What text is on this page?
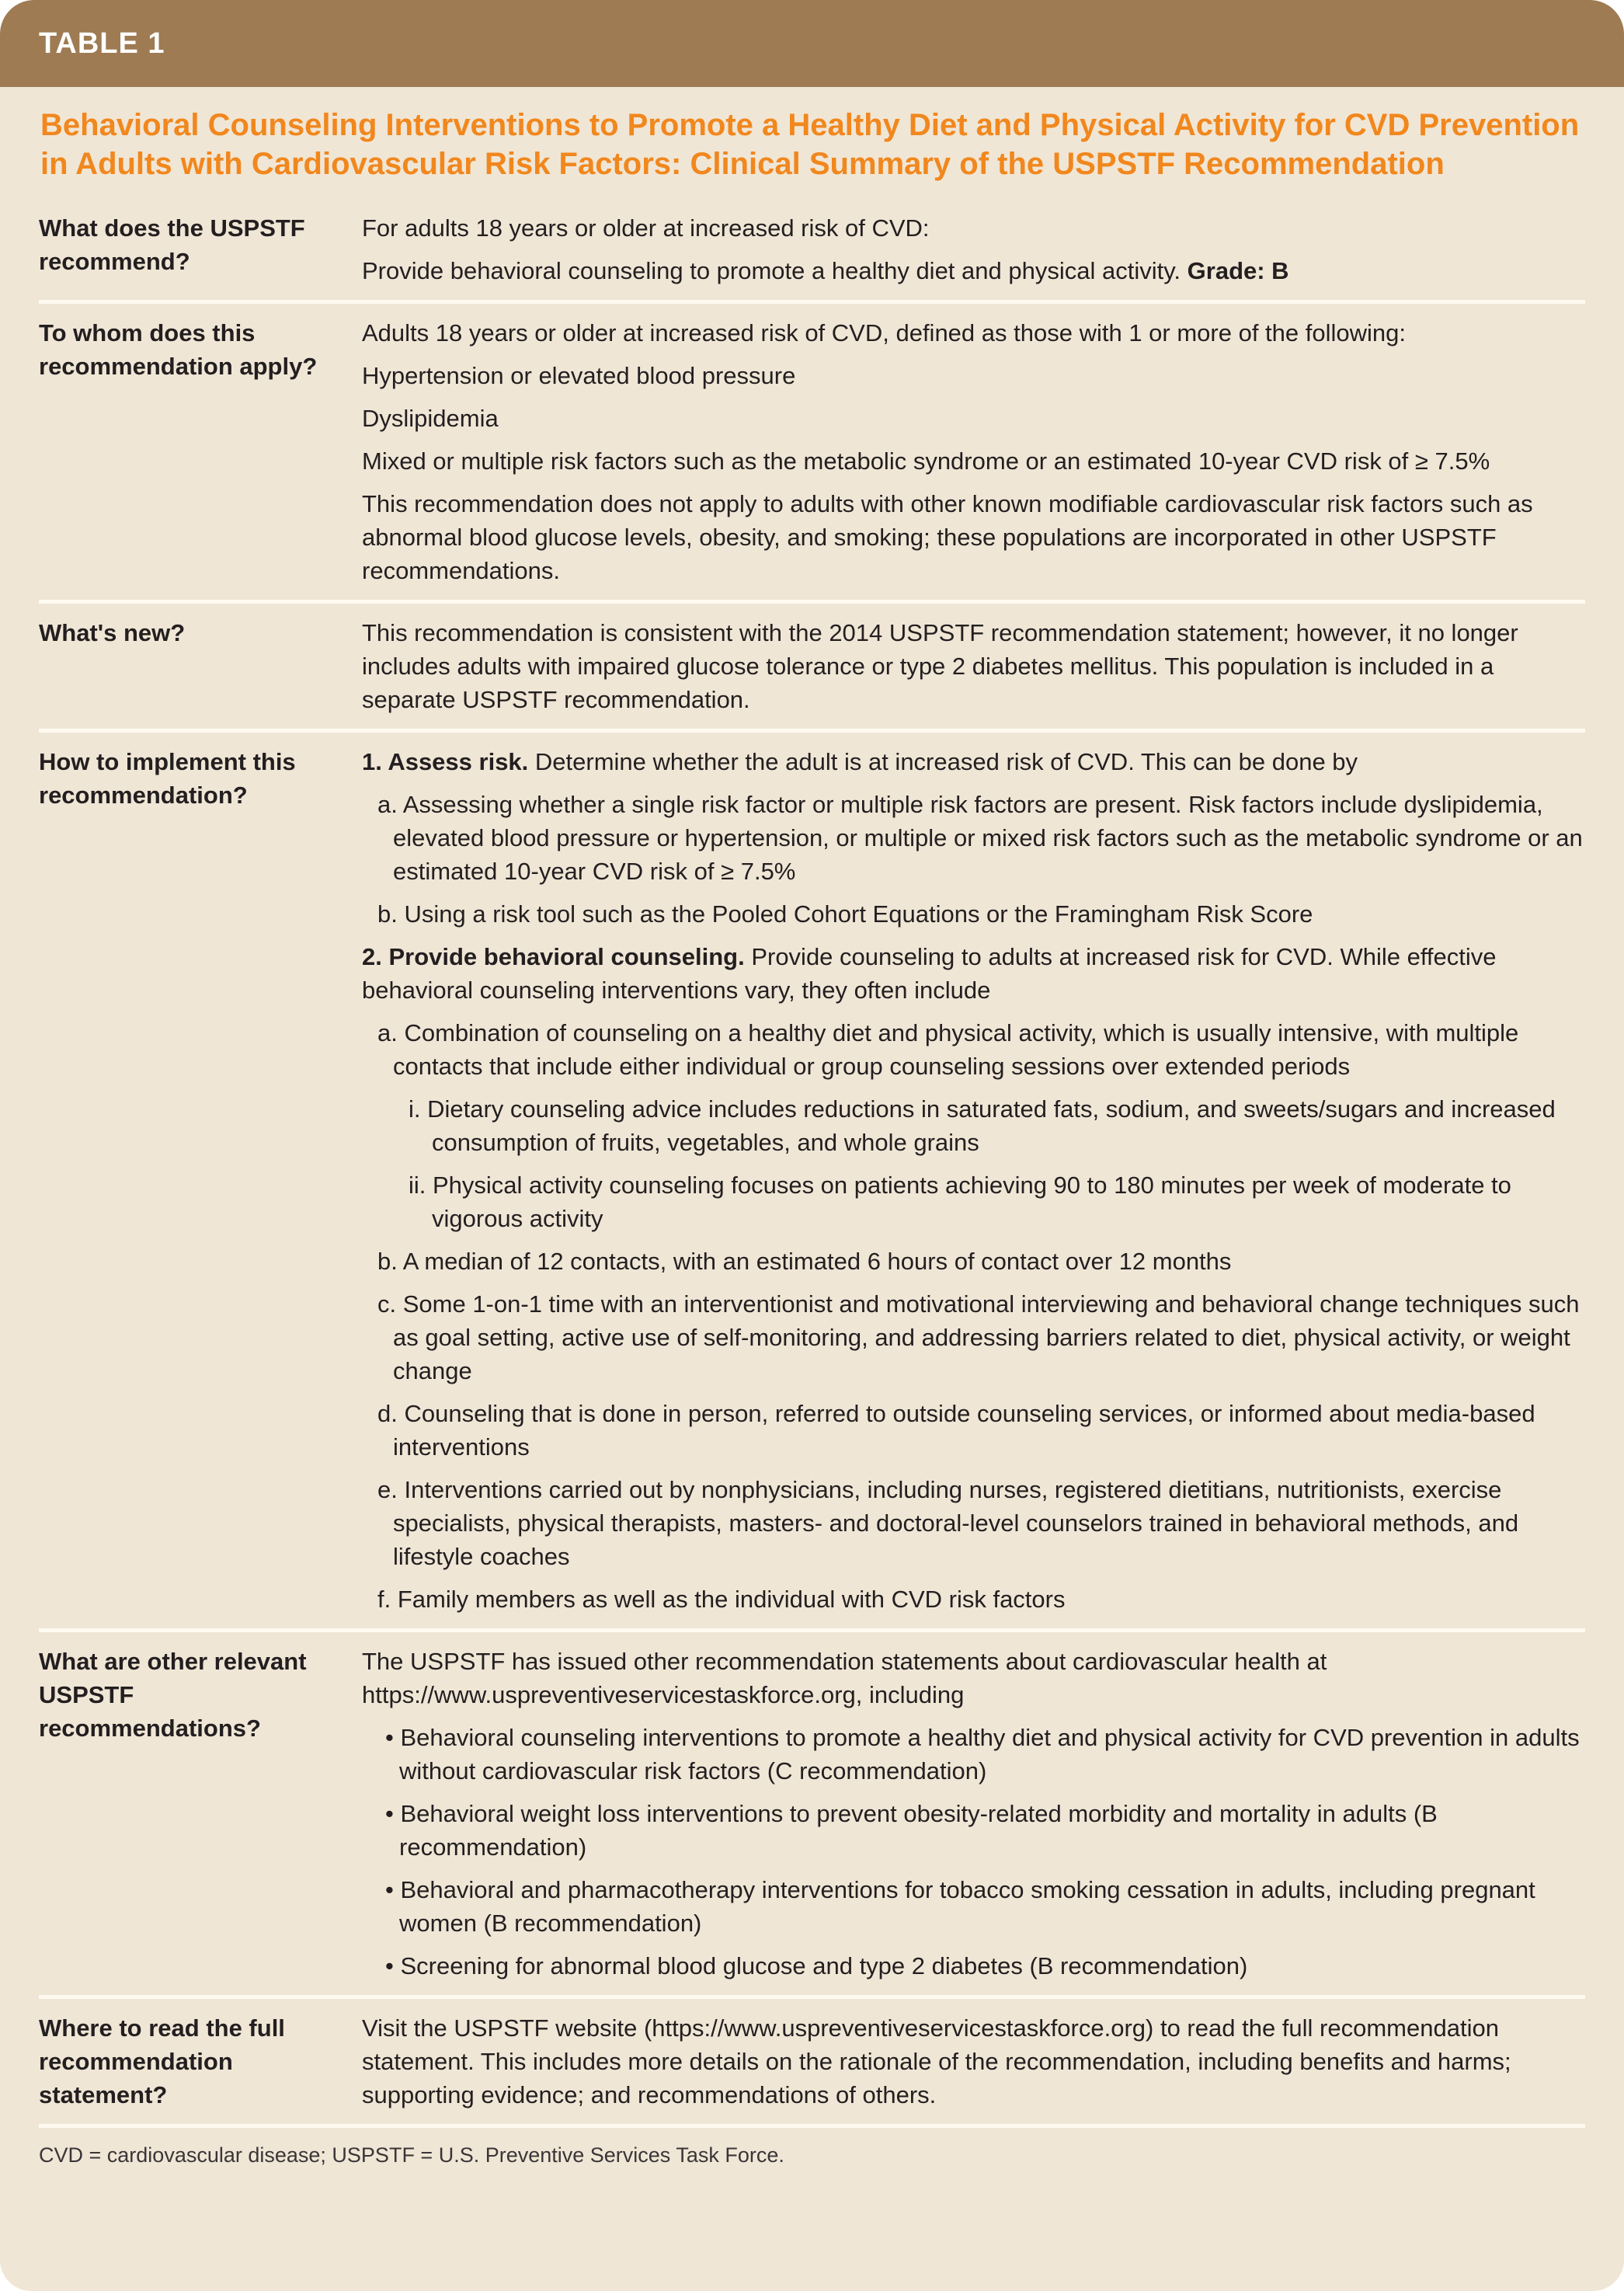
TABLE 1
Behavioral Counseling Interventions to Promote a Healthy Diet and Physical Activity for CVD Prevention in Adults with Cardiovascular Risk Factors: Clinical Summary of the USPSTF Recommendation
What does the USPSTF recommend?

For adults 18 years or older at increased risk of CVD:

Provide behavioral counseling to promote a healthy diet and physical activity. Grade: B

To whom does this recommendation apply?

Adults 18 years or older at increased risk of CVD, defined as those with 1 or more of the following:

Hypertension or elevated blood pressure

Dyslipidemia

Mixed or multiple risk factors such as the metabolic syndrome or an estimated 10-year CVD risk of ≥ 7.5%

This recommendation does not apply to adults with other known modifiable cardiovascular risk factors such as abnormal blood glucose levels, obesity, and smoking; these populations are incorporated in other USPSTF recommendations.

What's new?	This recommendation is consistent with the 2014 USPSTF recommendation statement; however, it no longer includes adults with impaired glucose tolerance or type 2 diabetes mellitus. This population is included in a separate USPSTF recommendation.

How to implement this recommendation?

1. Assess risk. Determine whether the adult is at increased risk of CVD. This can be done by

a. Assessing whether a single risk factor or multiple risk factors are present. Risk factors include dyslipidemia, elevated blood pressure or hypertension, or multiple or mixed risk factors such as the metabolic syndrome or an estimated 10-year CVD risk of ≥ 7.5%

b. Using a risk tool such as the Pooled Cohort Equations or the Framingham Risk Score

2. Provide behavioral counseling. Provide counseling to adults at increased risk for CVD. While effective behavioral counseling interventions vary, they often include

a. Combination of counseling on a healthy diet and physical activity, which is usually intensive, with multiple contacts that include either individual or group counseling sessions over extended periods

i. Dietary counseling advice includes reductions in saturated fats, sodium, and sweets/sugars and increased consumption of fruits, vegetables, and whole grains

ii. Physical activity counseling focuses on patients achieving 90 to 180 minutes per week of moderate to vigorous activity

b. A median of 12 contacts, with an estimated 6 hours of contact over 12 months

c. Some 1-on-1 time with an interventionist and motivational interviewing and behavioral change techniques such as goal setting, active use of self-monitoring, and addressing barriers related to diet, physical activity, or weight change

d. Counseling that is done in person, referred to outside counseling services, or informed about media-based interventions

e. Interventions carried out by nonphysicians, including nurses, registered dietitians, nutritionists, exercise specialists, physical therapists, masters- and doctoral-level counselors trained in behavioral methods, and lifestyle coaches

f. Family members as well as the individual with CVD risk factors

What are other relevant USPSTF recommendations?

The USPSTF has issued other recommendation statements about cardiovascular health at https://www.uspreventiveservicestaskforce.org, including

• Behavioral counseling interventions to promote a healthy diet and physical activity for CVD prevention in adults without cardiovascular risk factors (C recommendation)

• Behavioral weight loss interventions to prevent obesity-related morbidity and mortality in adults (B recommendation)

• Behavioral and pharmacotherapy interventions for tobacco smoking cessation in adults, including pregnant women (B recommendation)

• Screening for abnormal blood glucose and type 2 diabetes (B recommendation)

Where to read the full recommendation statement?

Visit the USPSTF website (https://www.uspreventiveservicestaskforce.org) to read the full recommendation statement. This includes more details on the rationale of the recommendation, including benefits and harms; supporting evidence; and recommendations of others.

CVD = cardiovascular disease; USPSTF = U.S. Preventive Services Task Force.
